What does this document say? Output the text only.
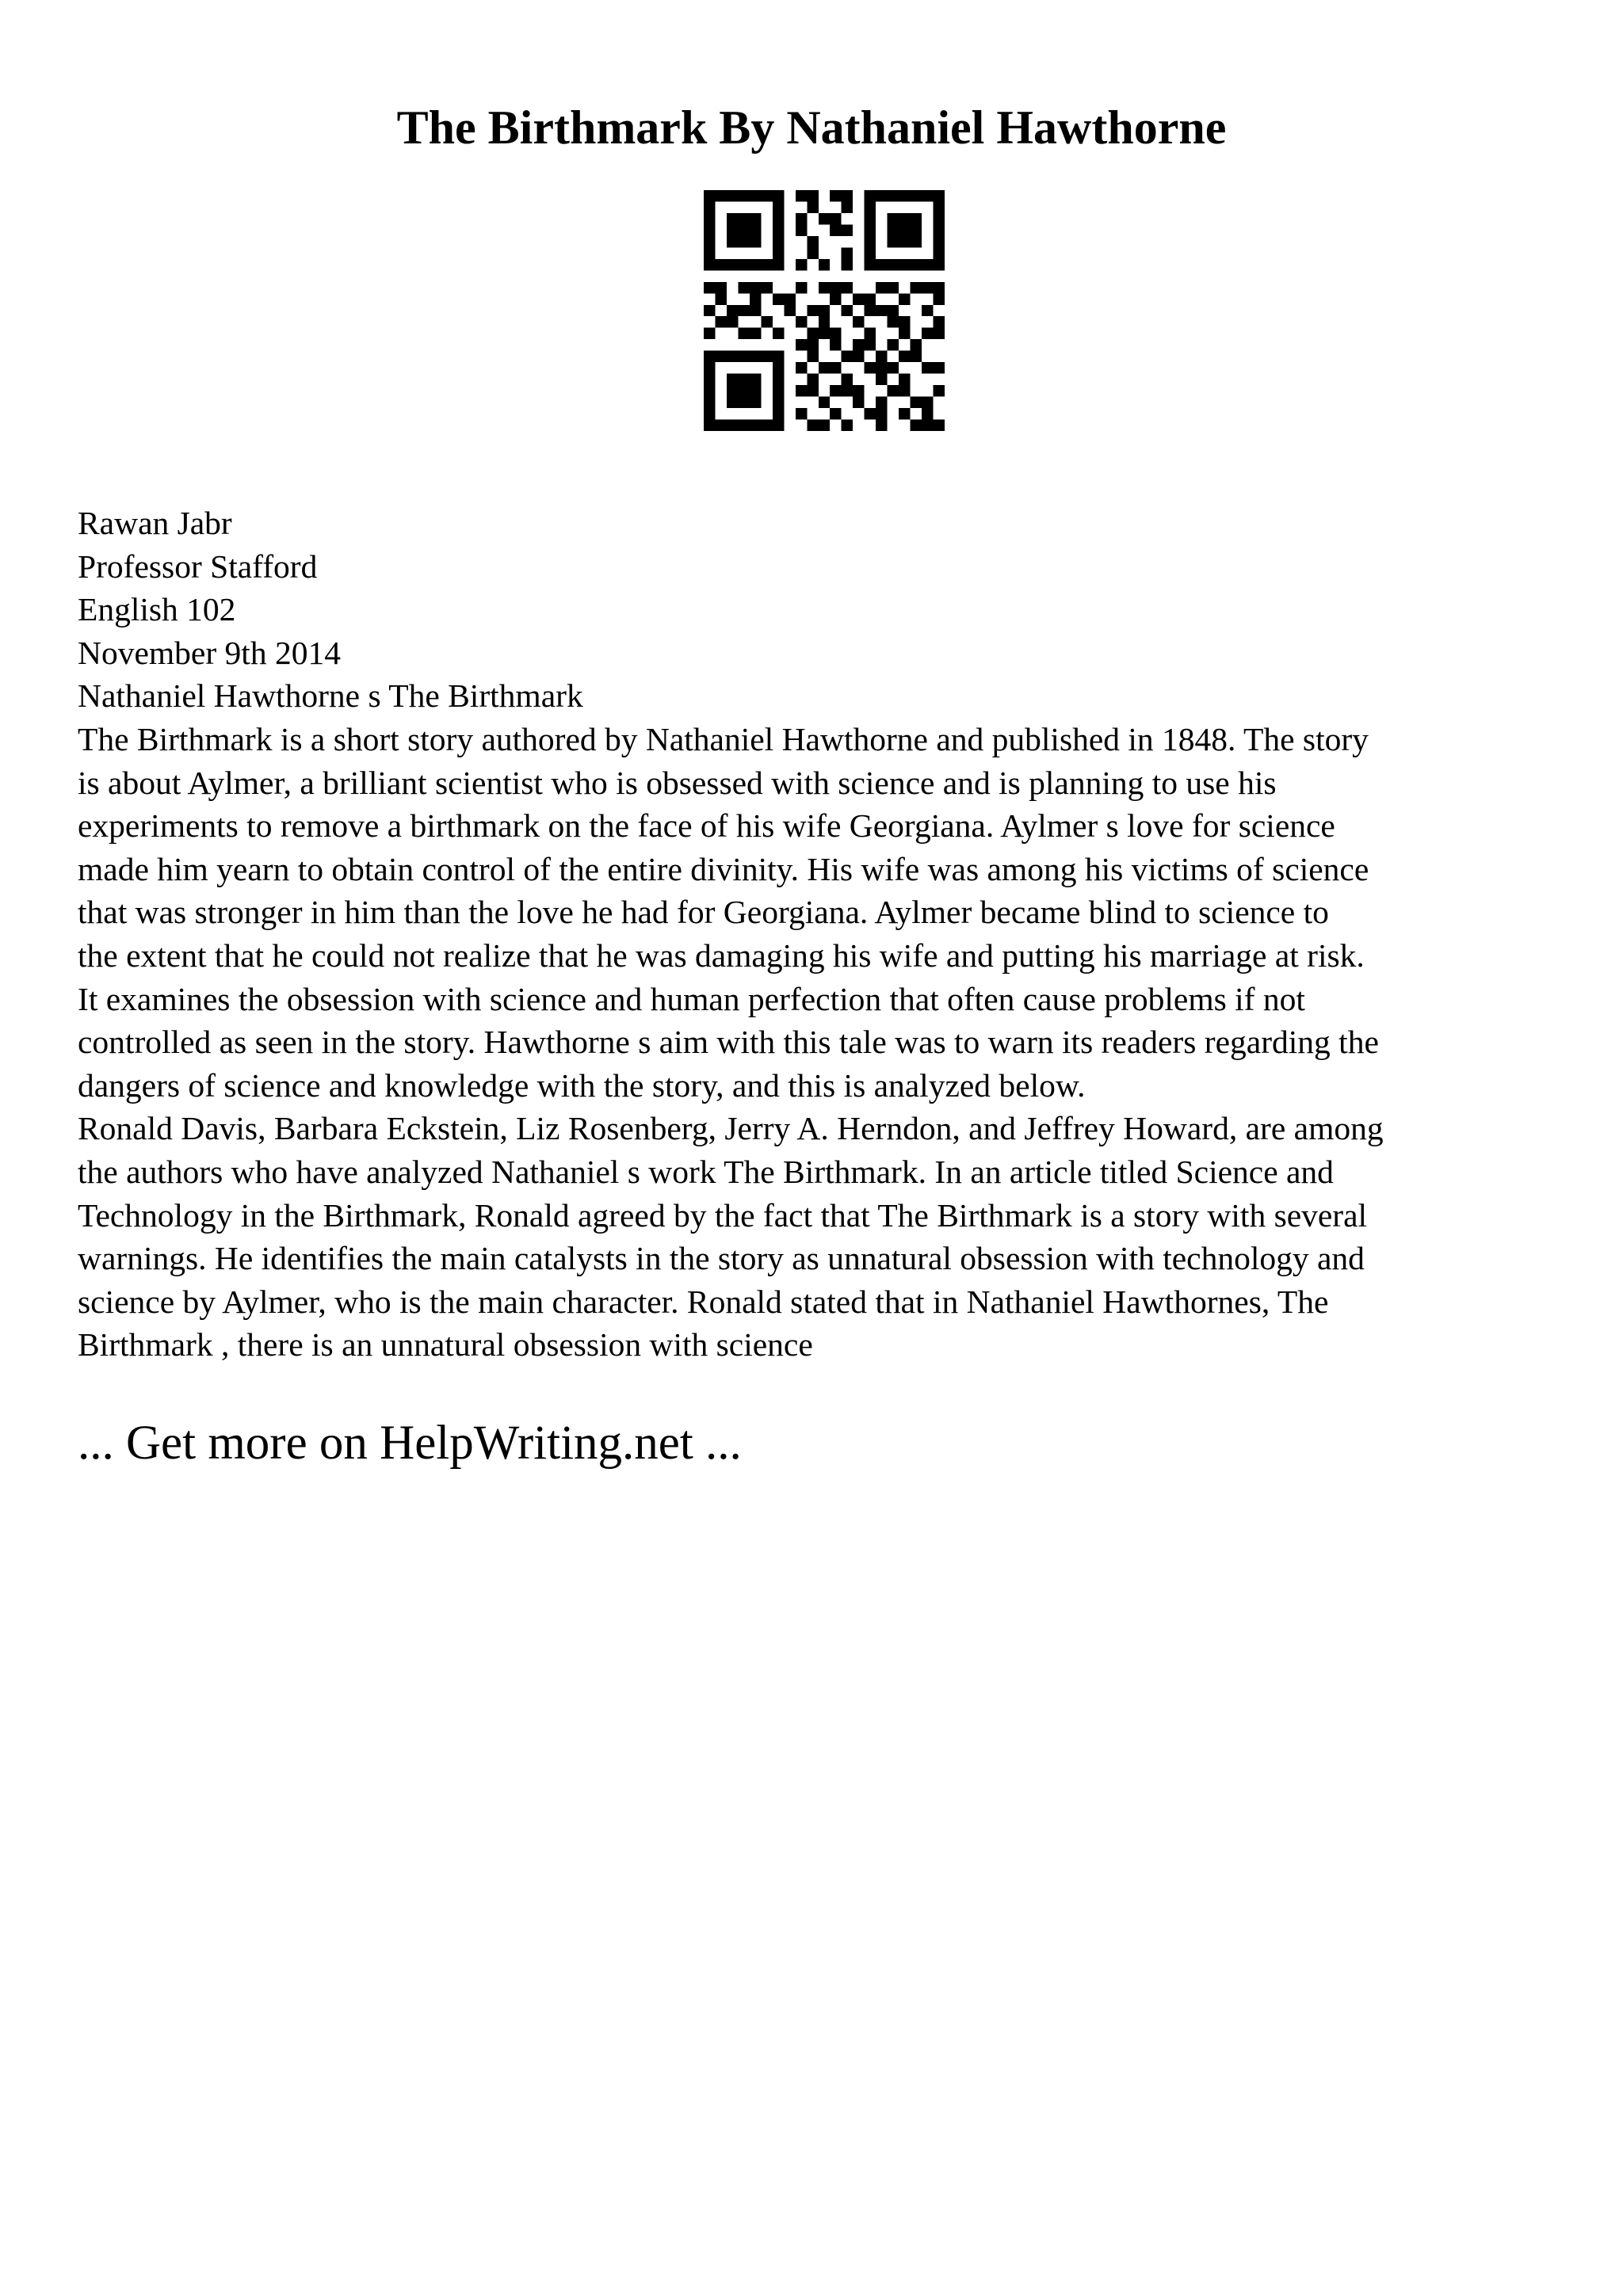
The Birthmark By Nathaniel Hawthorne
Rawan Jabr
Professor Stafford
English 102
November 9th 2014
Nathaniel Hawthorne s The Birthmark
The Birthmark is a short story authored by Nathaniel Hawthorne and published in 1848. The story
is about Aylmer, a brilliant scientist who is obsessed with science and is planning to use his
experiments to remove a birthmark on the face of his wife Georgiana. Aylmer s love for science
made him yearn to obtain control of the entire divinity. His wife was among his victims of science
that was stronger in him than the love he had for Georgiana. Aylmer became blind to science to
the extent that he could not realize that he was damaging his wife and putting his marriage at risk.
It examines the obsession with science and human perfection that often cause problems if not
controlled as seen in the story. Hawthorne s aim with this tale was to warn its readers regarding the
dangers of science and knowledge with the story, and this is analyzed below.
Ronald Davis, Barbara Eckstein, Liz Rosenberg, Jerry A. Herndon, and Jeffrey Howard, are among
the authors who have analyzed Nathaniel s work The Birthmark. In an article titled Science and
Technology in the Birthmark, Ronald agreed by the fact that The Birthmark is a story with several
warnings. He identifies the main catalysts in the story as unnatural obsession with technology and
science by Aylmer, who is the main character. Ronald stated that in Nathaniel Hawthornes, The
Birthmark , there is an unnatural obsession with science
... Get more on HelpWriting.net ...
